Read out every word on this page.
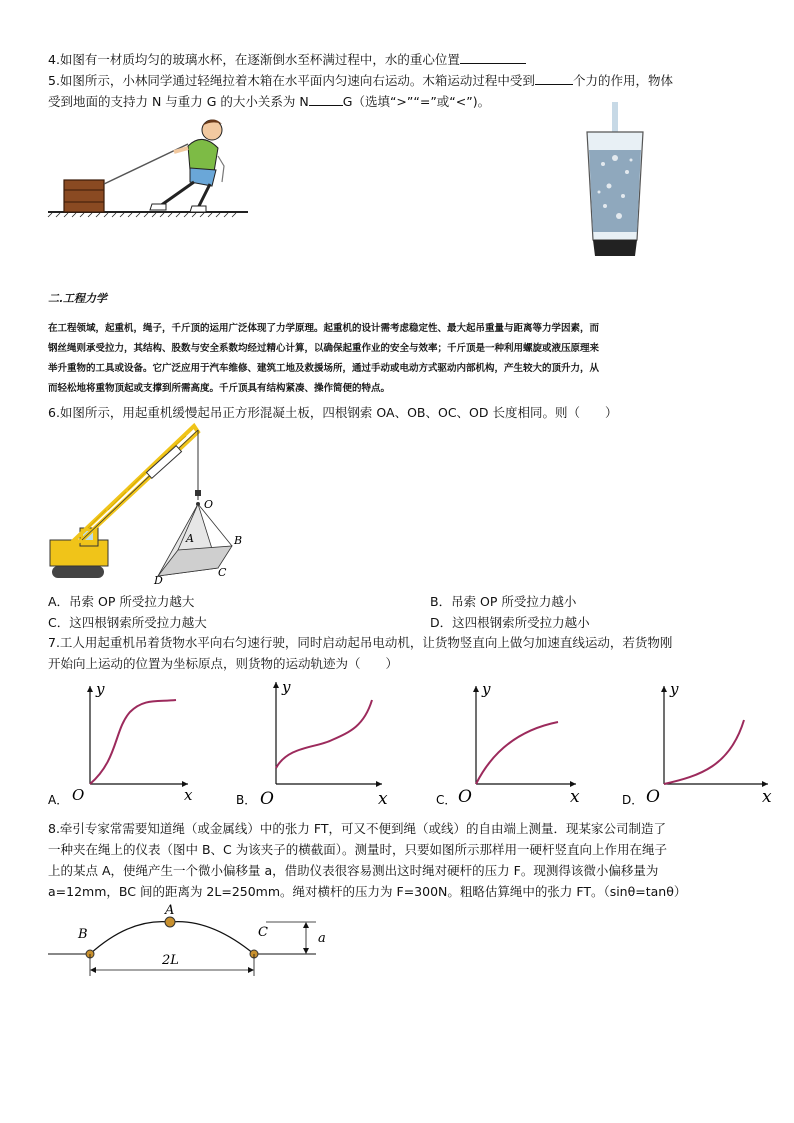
4.如图有一材质均匀的玻璃水杯，在逐渐倒水至杯满过程中，水的重心位置
5.如图所示，小林同学通过轻绳拉着木箱在水平面内匀速向右运动。木箱运动过程中受到	个力的作用，物体
受到地面的支持力 N 与重力 G 的大小关系为 N	G（选填“>”“=”或“<”)。
二.工程力学
在工程领域，起重机，绳子，千斤顶的运用广泛体现了力学原理。起重机的设计需考虑稳定性、最大起吊重量与距离等力学因素，而
钢丝绳则承受拉力，其结构、股数与安全系数均经过精心计算，以确保起重作业的安全与效率；千斤顶是一种利用螺旋或液压原理来
举升重物的工具或设备。它广泛应用于汽车维修、建筑工地及救援场所，通过手动或电动方式驱动内部机构，产生较大的顶升力，从
而轻松地将重物顶起或支撑到所需高度。千斤顶具有结构紧凑、操作简便的特点。
6.如图所示，用起重机缓慢起吊正方形混凝土板，四根钢索 OA、OB、OC、OD 长度相同。则（　　）
O
A	B
C
D
A．吊索 OP 所受拉力越大	B．吊索 OP 所受拉力越小
C．这四根钢索所受拉力越大	D．这四根钢索所受拉力越小
7.工人用起重机吊着货物水平向右匀速行驶，同时启动起吊电动机，让货物竖直向上做匀加速直线运动，若货物刚
开始向上运动的位置为坐标原点，则货物的运动轨迹为（　　）
A． O	x
y
B． O	x
y
C． O	x
y
D． O	x
y
8.牵引专家常需要知道绳（或金属线）中的张力 FT，可又不便到绳（或线）的自由端上测量．现某家公司制造了
一种夹在绳上的仪表（图中 B、C 为该夹子的横截面）。测量时，只要如图所示那样用一硬杆竖直向上作用在绳子
上的某点 A，使绳产生一个微小偏移量 a，借助仪表很容易测出这时绳对硬杆的压力 F。现测得该微小偏移量为
a=12mm，BC 间的距离为 2L=250mm。绳对横杆的压力为 F=300N。粗略估算绳中的张力 FT。（sinθ=tanθ）
B
A
C	a
2L
